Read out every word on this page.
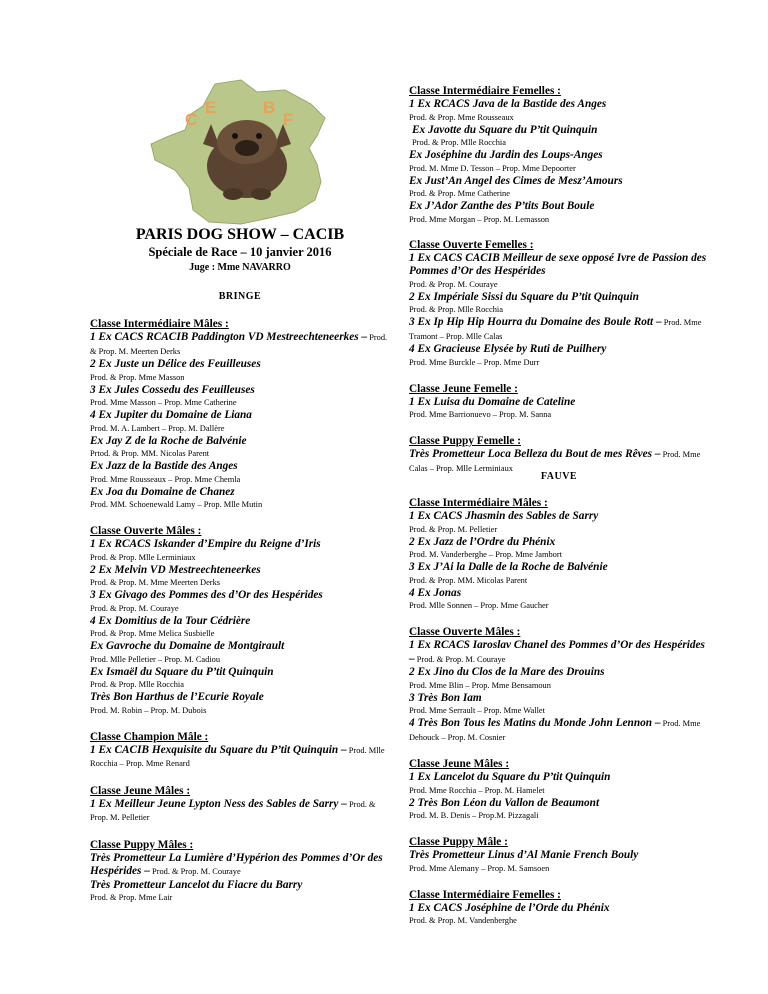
C
E	B
F
PARIS DOG SHOW – CACIB
Spéciale de Race – 10 janvier 2016
Juge : Mme NAVARRO
BRINGE
FAUVE
Classe Intermédiaire Mâles :
1 Ex CACS RCACIB Paddington VD Mestreechteneerkes – Prod. & Prop. M. Meerten Derks
2 Ex Juste un Délice des Feuilleuses
Prod. & Prop. Mme Masson
3 Ex Jules Cossedu des Feuilleuses
Prod. Mme Masson – Prop. Mme Catherine
4 Ex Jupiter du Domaine de Liana
Prod. M. A. Lambert – Prop. M. Dallère
Ex Jay Z de la Roche de Balvénie
Prtod. & Prop. MM. Nicolas Parent
Ex Jazz de la Bastide des Anges
Prod. Mme Rousseaux – Prop. Mme Chemla
Ex Joa du Domaine de Chanez
Prod. MM. Schoenewald Lamy – Prop. Mlle Mutin
Classe Ouverte Mâles :
1 Ex RCACS Iskander d’Empire du Reigne d’Iris
Prod. & Prop. Mlle Lerminiaux
2 Ex Melvin VD Mestreechteneerkes
Prod. & Prop. M. Mme Meerten Derks
3 Ex Givago des Pommes des d’Or des Hespérides
Prod. & Prop. M. Couraye
4 Ex Domitius de la Tour Cédrière
Prod. & Prop. Mme Melica Susbielle
Ex Gavroche du Domaine de Montgirault
Prod. Mlle Pelletier – Prop. M. Cadiou
Ex Ismaël du Square du P’tit Quinquin
Prod. & Prop. Mlle Rocchia
Très Bon Harthus de l’Ecurie Royale
Prod. M. Robin – Prop. M. Dubois
Classe Champion Mâle :
1 Ex CACIB Hexquisite du Square du P’tit Quinquin – Prod. Mlle Rocchia – Prop. Mme Renard
Classe Jeune Mâles :
1 Ex Meilleur Jeune Lypton Ness des Sables de Sarry – Prod. & Prop. M. Pelletier
Classe Puppy Mâles :
Très Prometteur La Lumière d’Hypérion des Pommes d’Or des Hespérides – Prod. & Prop. M. Couraye
Très Prometteur Lancelot du Fiacre du Barry
Prod. & Prop. Mme Lair
Classe Intermédiaire Femelles :
1 Ex RCACS Java de la Bastide des Anges
Prod. & Prop. Mme Rousseaux
Ex Javotte du Square du P’tit Quinquin
Prod. & Prop. Mlle Rocchia
Ex Joséphine du Jardin des Loups-Anges
Prod. M. Mme D. Tesson – Prop. Mme Depoorter
Ex Just’An Angel des Cimes de Mesz’Amours
Prod. & Prop. Mme Catherine
Ex J’Ador Zanthe des P’tits Bout Boule
Prod. Mme Morgan – Prop. M. Lemasson
Classe Ouverte Femelles :
1 Ex CACS CACIB Meilleur de sexe opposé Ivre de Passion des Pommes d’Or des Hespérides
Prod. & Prop. M. Couraye
2 Ex Impériale Sissi du Square du P’tit Quinquin
Prod. & Prop. Mlle Rocchia
3 Ex Ip Hip Hip Hourra du Domaine des Boule Rott – Prod. Mme Tramont – Prop. Mlle Calas
4 Ex Gracieuse Elysée by Ruti de Puilhery
Prod. Mme Burckle – Prop. Mme Durr
Classe Jeune Femelle :
1 Ex Luisa du Domaine de Cateline
Prod. Mme Barrionuevo – Prop. M. Sanna
Classe Puppy Femelle :
Très Prometteur Loca Belleza du Bout de mes Rêves – Prod. Mme Calas – Prop. Mlle Lerminiaux
Classe Intermédiaire Mâles :
1 Ex CACS Jhasmin des Sables de Sarry
Prod. & Prop. M. Pelletier
2 Ex Jazz de l’Ordre du Phénix
Prod. M. Vanderberghe – Prop. Mme Jambort
3 Ex J’Ai la Dalle de la Roche de Balvénie
Prod. & Prop. MM. Micolas Parent
4 Ex Jonas
Prod. Mlle Sonnen – Prop. Mme Gaucher
Classe Ouverte Mâles :
1 Ex RCACS Iaroslav Chanel des Pommes d’Or des Hespérides – Prod. & Prop. M. Couraye
2 Ex Jino du Clos de la Mare des Drouins
Prod. Mme Blin – Prop. Mme Bensamoun
3 Très Bon Iam
Prod. Mme Serrault – Prop. Mme Wallet
4 Très Bon Tous les Matins du Monde John Lennon – Prod. Mme Dehouck – Prop. M. Cosnier
Classe Jeune Mâles :
1 Ex Lancelot du Square du P’tit Quinquin
Prod. Mme Rocchia – Prop. M. Hamelet
2 Très Bon Léon du Vallon de Beaumont
Prod. M. B. Denis – Prop.M. Pizzagali
Classe Puppy Mâle :
Très Prometteur Linus d’Al Manie French Bouly
Prod. Mme Alemany – Prop. M. Samsoen
Classe Intermédiaire Femelles :
1 Ex CACS Joséphine de l’Orde du Phénix
Prod. & Prop. M. Vandenberghe
